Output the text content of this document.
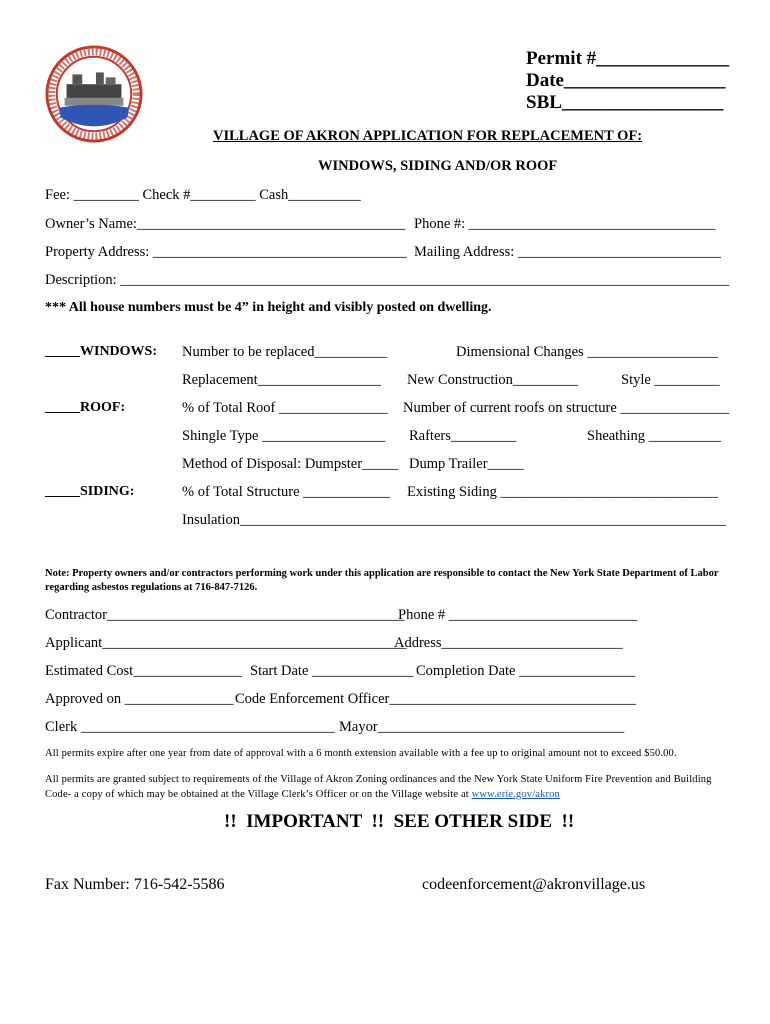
Permit #______________
Date_________________
SBL_________________
VILLAGE OF AKRON APPLICATION FOR REPLACEMENT OF:
WINDOWS, SIDING AND/OR ROOF
Fee: _________ Check #_________ Cash__________
Owner’s Name:_____________________________________ Phone #: __________________________________
Property Address: ___________________________________ Mailing Address: ____________________________
Description: ____________________________________________________________________________________
*** All house numbers must be 4” in height and visibly posted on dwelling.
_____WINDOWS: Number to be replaced__________	Dimensional Changes __________________
Replacement_________________ New Construction_________	Style _________
_____ROOF:	% of Total Roof _______________ Number of current roofs on structure _______________
Shingle Type _________________ Rafters_________	Sheathing __________
Method of Disposal: Dumpster_____ Dump Trailer_____
_____SIDING:	% of Total Structure ____________ Existing Siding ______________________________
Insulation___________________________________________________________________
Note: Property owners and/or contractors performing work under this application are responsible to contact the New York State Department of Labor regarding asbestos regulations at 716-847-7126.
Contractor_________________________________________
Phone # __________________________
Applicant__________________________________________
Address_________________________
Estimated Cost_______________ Start Date ______________ Completion Date ________________
Approved on _______________ Code Enforcement Officer__________________________________
Clerk ___________________________________ Mayor__________________________________
All permits expire after one year from date of approval with a 6 month extension available with a fee up to original amount not to exceed $50.00.
All permits are granted subject to requirements of the Village of Akron Zoning ordinances and the New York State Uniform Fire Prevention and Building Code- a copy of which may be obtained at the Village Clerk’s Officer or on the Village website at www.erie.gov/akron
!!  IMPORTANT  !!  SEE OTHER SIDE  !!
Fax Number: 716-542-5586	codeenforcement@akronvillage.us
